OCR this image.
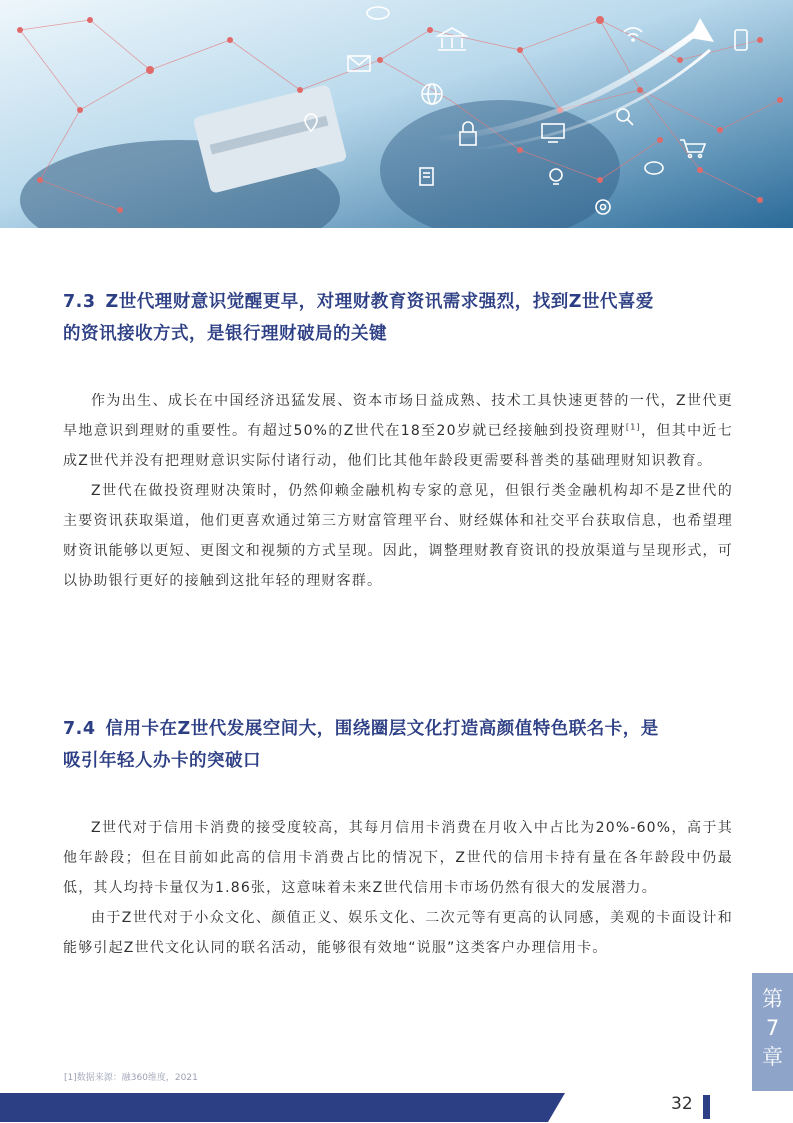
7.3 Z世代理财意识觉醒更早，对理财教育资讯需求强烈，找到Z世代喜爱
的资讯接收方式，是银行理财破局的关键

作为出生、成长在中国经济迅猛发展、资本市场日益成熟、技术工具快速更替的一代，Z世代更早地意识到理财的重要性。有超过50%的Z世代在18至20岁就已经接触到投资理财[1]，但其中近七成Z世代并没有把理财意识实际付诸行动，他们比其他年龄段更需要科普类的基础理财知识教育。

Z世代在做投资理财决策时，仍然仰赖金融机构专家的意见，但银行类金融机构却不是Z世代的主要资讯获取渠道，他们更喜欢通过第三方财富管理平台、财经媒体和社交平台获取信息，也希望理财资讯能够以更短、更图文和视频的方式呈现。因此，调整理财教育资讯的投放渠道与呈现形式，可以协助银行更好的接触到这批年轻的理财客群。

7.4 信用卡在Z世代发展空间大，围绕圈层文化打造高颜值特色联名卡，是
吸引年轻人办卡的突破口

Z世代对于信用卡消费的接受度较高，其每月信用卡消费在月收入中占比为20%-60%，高于其他年龄段；但在目前如此高的信用卡消费占比的情况下，Z世代的信用卡持有量在各年龄段中仍最低，其人均持卡量仅为1.86张，这意味着未来Z世代信用卡市场仍然有很大的发展潜力。

由于Z世代对于小众文化、颜值正义、娱乐文化、二次元等有更高的认同感，美观的卡面设计和能够引起Z世代文化认同的联名活动，能够很有效地“说服”这类客户办理信用卡。

[1]数据来源：融360维度，2021
第
7
章
32
